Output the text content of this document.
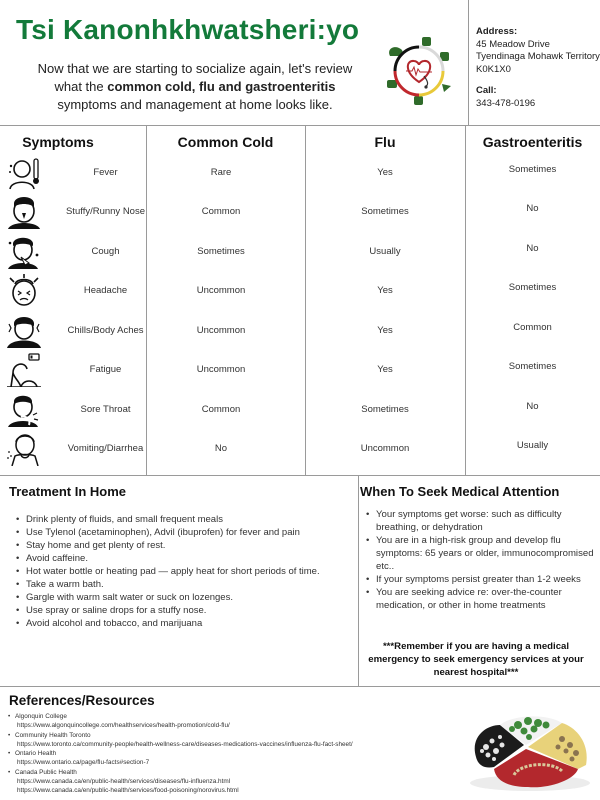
Tsi Kanonhkhwatsheri:yo
Now that we are starting to socialize again, let's review what the common cold, flu and gastroenteritis symptoms and management at home looks like.
Address:
45 Meadow Drive
Tyendinaga Mohawk Territory
K0K1X0
Call:
343-478-0196
Symptoms	Common Cold	Flu	Gastroenteritis
Fever	Rare	Yes	Sometimes
Stuffy/Runny Nose	Common	Sometimes	No
Cough	Sometimes	Usually	No
Headache	Uncommon	Yes	Sometimes
Chills/Body Aches	Uncommon	Yes	Common
Fatigue	Uncommon	Yes	Sometimes
Sore Throat	Common	Sometimes	No
Vomiting/Diarrhea	No	Uncommon	Usually
Treatment In Home
• Drink plenty of fluids, and small frequent meals
• Use Tylenol (acetaminophen), Advil (ibuprofen) for fever and pain
• Stay home and get plenty of rest.
• Avoid caffeine.
• Hot water bottle or heating pad — apply heat for short periods of time.
• Take a warm bath.
• Gargle with warm salt water or suck on lozenges.
• Use spray or saline drops for a stuffy nose.
• Avoid alcohol and tobacco, and marijuana
When To Seek Medical Attention
• Your symptoms get worse: such as difficulty breathing, or dehydration
• You are in a high-risk group and develop flu symptoms: 65 years or older, immunocompromised etc..
• If your symptoms persist greater than 1-2 weeks
• You are seeking advice re: over-the-counter medication, or other in home treatments
***Remember if you are having a medical emergency to seek emergency services at your nearest hospital***
References/Resources
• Algonquin College
https://www.algonquincollege.com/healthservices/health-promotion/cold-flu/
• Community Health Toronto
https://www.toronto.ca/community-people/health-wellness-care/diseases-medications-vaccines/influenza-flu-fact-sheet/
• Ontario Health
https://www.ontario.ca/page/flu-facts#section-7
• Canada Public Health
https://www.canada.ca/en/public-health/services/diseases/flu-influenza.html
https://www.canada.ca/en/public-health/services/food-poisoning/norovirus.html
